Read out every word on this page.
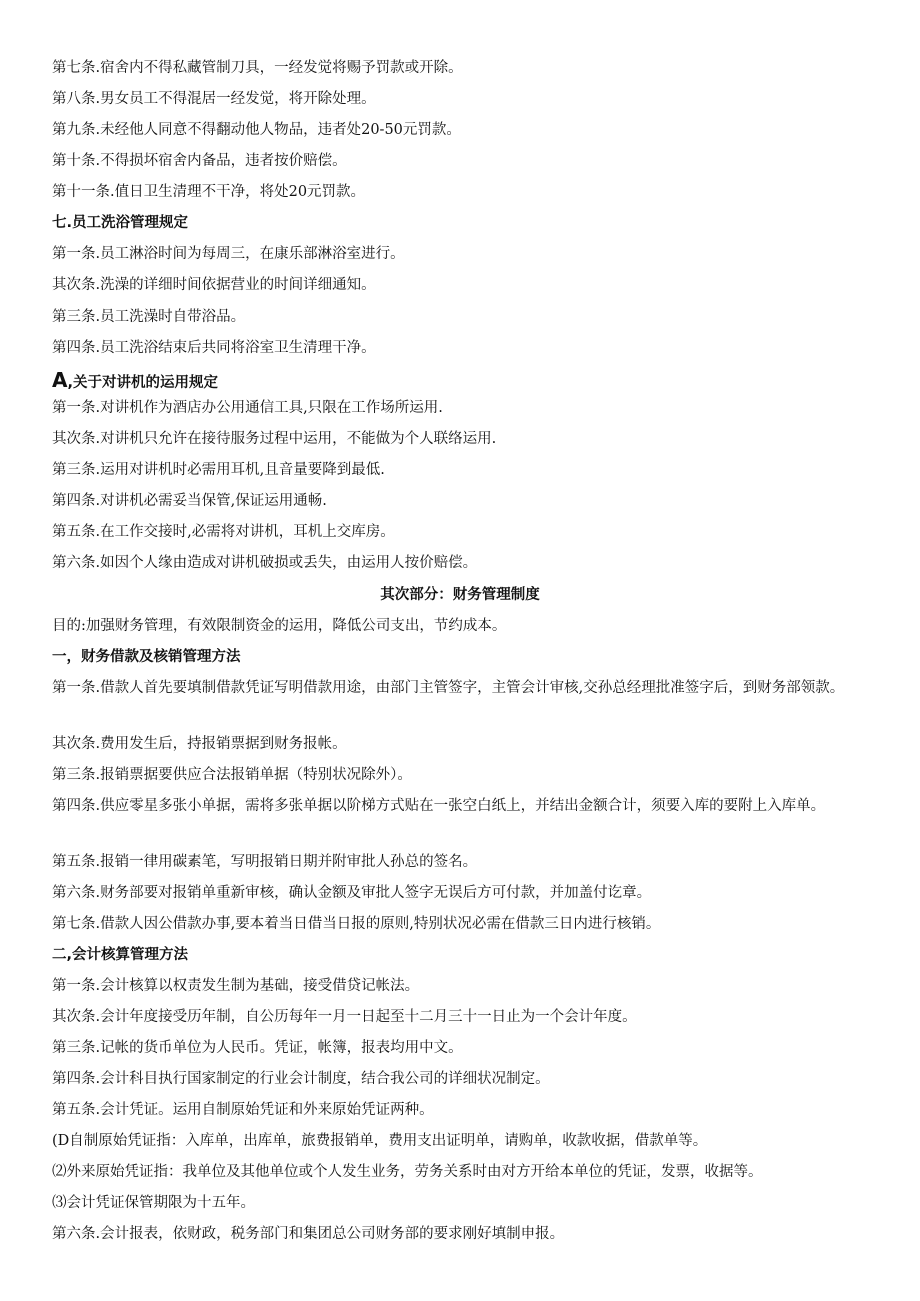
第七条.宿舍内不得私藏管制刀具，一经发觉将赐予罚款或开除。
第八条.男女员工不得混居一经发觉，将开除处理。
第九条.未经他人同意不得翻动他人物品，违者处20-50元罚款。
第十条.不得损坏宿舍内备品，违者按价赔偿。
第十一条.值日卫生清理不干净，将处20元罚款。
七.员工洗浴管理规定
第一条.员工淋浴时间为每周三，在康乐部淋浴室进行。
其次条.洗澡的详细时间依据营业的时间详细通知。
第三条.员工洗澡时自带浴品。
第四条.员工洗浴结束后共同将浴室卫生清理干净。
A,关于对讲机的运用规定
第一条.对讲机作为酒店办公用通信工具,只限在工作场所运用.
其次条.对讲机只允许在接待服务过程中运用，不能做为个人联络运用.
第三条.运用对讲机时必需用耳机,且音量要降到最低.
第四条.对讲机必需妥当保管,保证运用通畅.
第五条.在工作交接时,必需将对讲机，耳机上交库房。
第六条.如因个人缘由造成对讲机破损或丢失，由运用人按价赔偿。
其次部分：财务管理制度
目的:加强财务管理，有效限制资金的运用，降低公司支出，节约成本。
一，财务借款及核销管理方法
第一条.借款人首先要填制借款凭证写明借款用途，由部门主管签字，主管会计审核,交孙总经理批准签字后，到财务部领款。
其次条.费用发生后，持报销票据到财务报帐。
第三条.报销票据要供应合法报销单据（特别状况除外）。
第四条.供应零星多张小单据，需将多张单据以阶梯方式贴在一张空白纸上，并结出金额合计，须要入库的要附上入库单。
第五条.报销一律用碳素笔，写明报销日期并附审批人孙总的签名。
第六条.财务部要对报销单重新审核，确认金额及审批人签字无误后方可付款，并加盖付讫章。
第七条.借款人因公借款办事,要本着当日借当日报的原则,特别状况必需在借款三日内进行核销。
二,会计核算管理方法
第一条.会计核算以权责发生制为基础，接受借贷记帐法。
其次条.会计年度接受历年制，自公历每年一月一日起至十二月三十一日止为一个会计年度。
第三条.记帐的货币单位为人民币。凭证，帐簿，报表均用中文。
第四条.会计科目执行国家制定的行业会计制度，结合我公司的详细状况制定。
第五条.会计凭证。运用自制原始凭证和外来原始凭证两种。
(D自制原始凭证指：入库单，出库单，旅费报销单，费用支出证明单，请购单，收款收据，借款单等。
⑵外来原始凭证指：我单位及其他单位或个人发生业务，劳务关系时由对方开给本单位的凭证，发票，收据等。
⑶会计凭证保管期限为十五年。
第六条.会计报表，依财政，税务部门和集团总公司财务部的要求刚好填制申报。
